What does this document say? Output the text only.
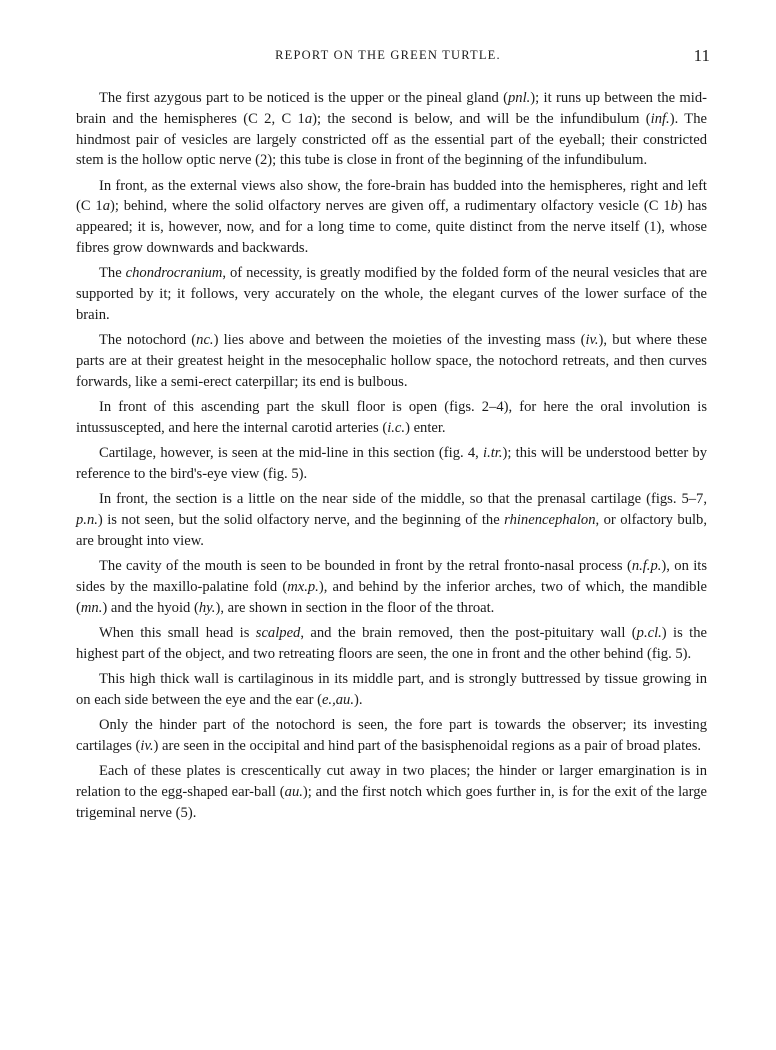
REPORT ON THE GREEN TURTLE.	11

The first azygous part to be noticed is the upper or the pineal gland (pnl.); it runs up between the mid-brain and the hemispheres (C 2, C 1a); the second is below, and will be the infundibulum (inf.). The hindmost pair of vesicles are largely constricted off as the essential part of the eyeball; their constricted stem is the hollow optic nerve (2); this tube is close in front of the beginning of the infundibulum.

In front, as the external views also show, the fore-brain has budded into the hemispheres, right and left (C 1a); behind, where the solid olfactory nerves are given off, a rudimentary olfactory vesicle (C 1b) has appeared; it is, however, now, and for a long time to come, quite distinct from the nerve itself (1), whose fibres grow downwards and backwards.

The chondrocranium, of necessity, is greatly modified by the folded form of the neural vesicles that are supported by it; it follows, very accurately on the whole, the elegant curves of the lower surface of the brain.

The notochord (nc.) lies above and between the moieties of the investing mass (iv.), but where these parts are at their greatest height in the mesocephalic hollow space, the notochord retreats, and then curves forwards, like a semi-erect caterpillar; its end is bulbous.

In front of this ascending part the skull floor is open (figs. 2–4), for here the oral involution is intussuscepted, and here the internal carotid arteries (i.c.) enter.

Cartilage, however, is seen at the mid-line in this section (fig. 4, i.tr.); this will be understood better by reference to the bird's-eye view (fig. 5).

In front, the section is a little on the near side of the middle, so that the prenasal cartilage (figs. 5–7, p.n.) is not seen, but the solid olfactory nerve, and the beginning of the rhinencephalon, or olfactory bulb, are brought into view.

The cavity of the mouth is seen to be bounded in front by the retral fronto-nasal process (n.f.p.), on its sides by the maxillo-palatine fold (mx.p.), and behind by the inferior arches, two of which, the mandible (mn.) and the hyoid (hy.), are shown in section in the floor of the throat.

When this small head is scalped, and the brain removed, then the post-pituitary wall (p.cl.) is the highest part of the object, and two retreating floors are seen, the one in front and the other behind (fig. 5).

This high thick wall is cartilaginous in its middle part, and is strongly buttressed by tissue growing in on each side between the eye and the ear (e.,au.).

Only the hinder part of the notochord is seen, the fore part is towards the observer; its investing cartilages (iv.) are seen in the occipital and hind part of the basisphenoidal regions as a pair of broad plates.

Each of these plates is crescentically cut away in two places; the hinder or larger emargination is in relation to the egg-shaped ear-ball (au.); and the first notch which goes further in, is for the exit of the large trigeminal nerve (5).
